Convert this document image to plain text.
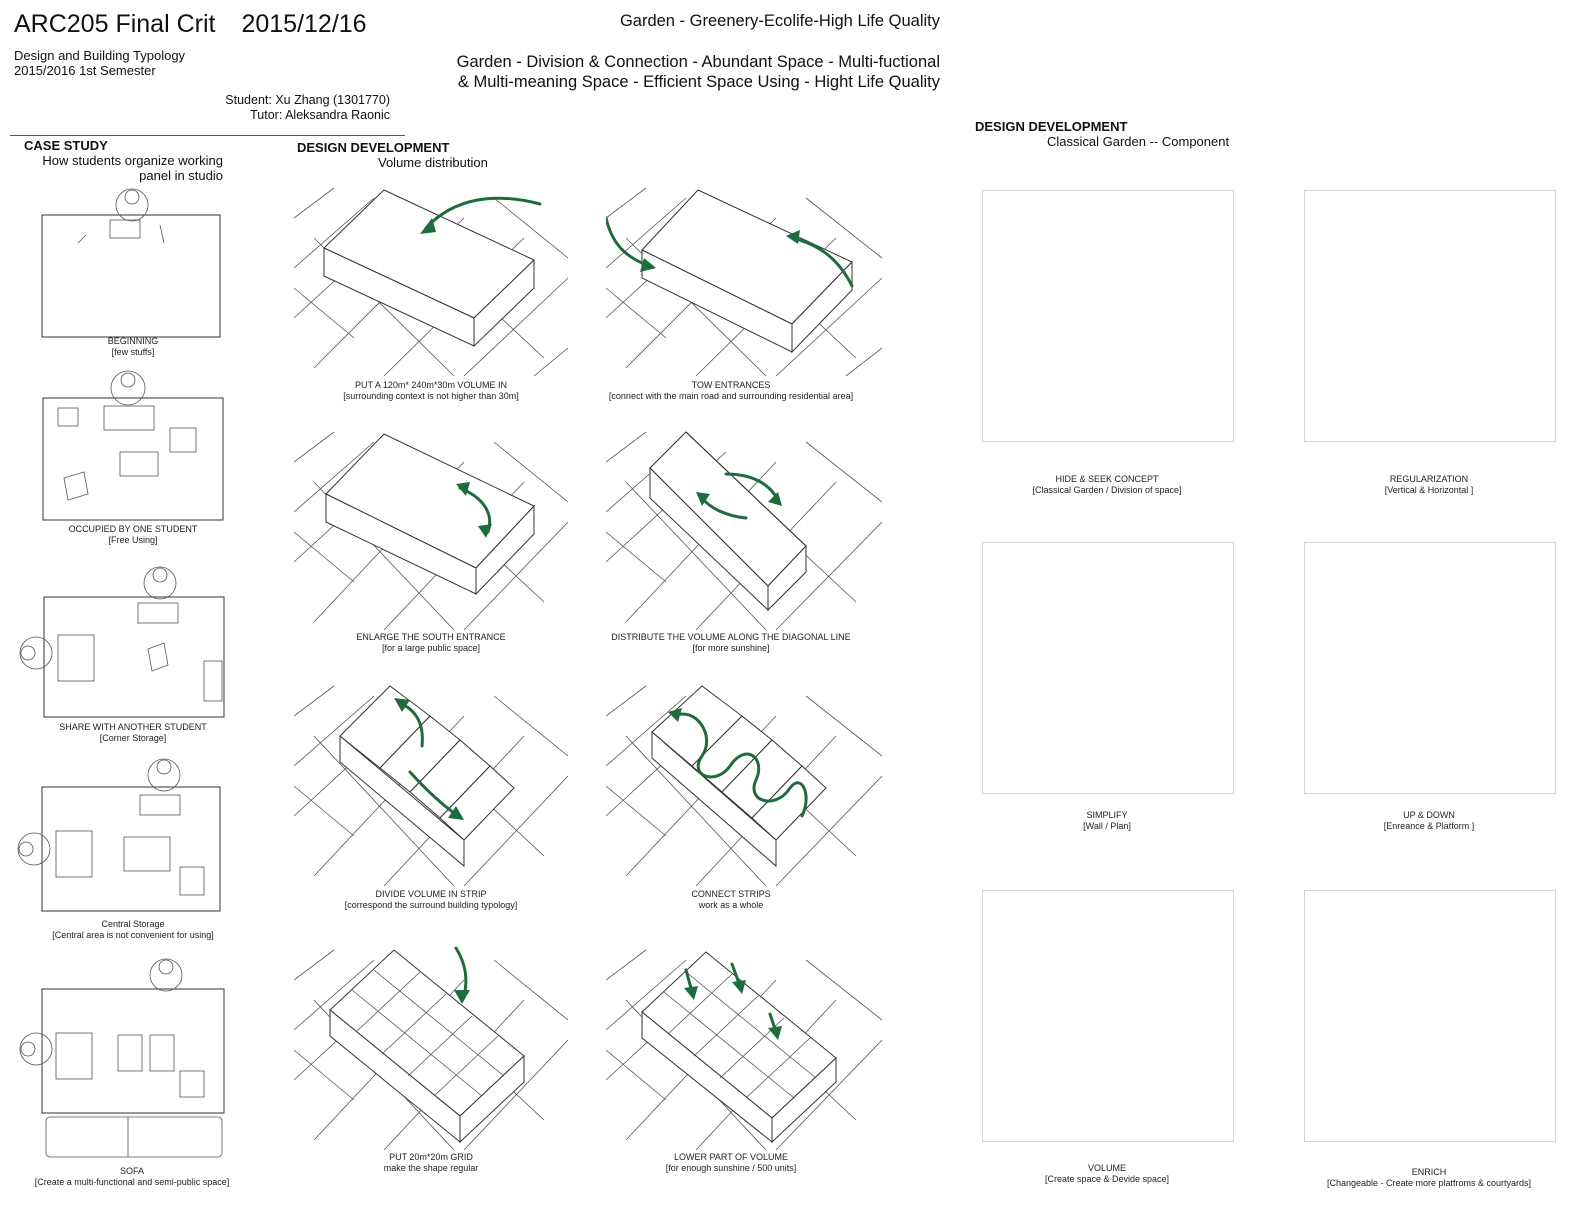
ARC205 Final Crit 2015/12/16
Design and Building Typology
2015/2016 1st Semester
Student: Xu Zhang (1301770)
Tutor: Aleksandra Raonic
Garden - Greenery-Ecolife-High Life Quality
Garden - Division & Connection - Abundant Space - Multi-fuctional
& Multi-meaning Space - Efficient Space Using - Hight Life Quality
CASE STUDY
How students organize working
panel in studio
DESIGN DEVELOPMENT
Volume distribution
DESIGN DEVELOPMENT
Classical Garden -- Component
BEGINNING
[few stuffs]
OCCUPIED BY ONE STUDENT
[Free Using]
SHARE WITH ANOTHER STUDENT
[Corner Storage]
Central Storage
[Central area is not convenient for using]
SOFA
[Create a multi-functional and semi-public space]
PUT A 120m* 240m*30m VOLUME IN
[surrounding context is not higher than 30m]
TOW ENTRANCES
[connect with the main road and surrounding residential area]
ENLARGE THE SOUTH ENTRANCE
[for a large public space]
DISTRIBUTE THE VOLUME ALONG THE DIAGONAL LINE
[for more sunshine]
DIVIDE VOLUME IN STRIP
[correspond the surround building typology]
CONNECT STRIPS
work as a whole
PUT 20m*20m GRID
make the shape regular
LOWER PART OF VOLUME
[for enough sunshine / 500 units]
HIDE & SEEK CONCEPT
[Classical Garden / Division of space]
REGULARIZATION
[Vertical & Horizontal ]
SIMPLIFY
[Wall / Plan]
UP & DOWN
[Enreance & Platform ]
VOLUME
[Create space & Devide space]
ENRICH
[Changeable - Create more platfroms & courtyards]
